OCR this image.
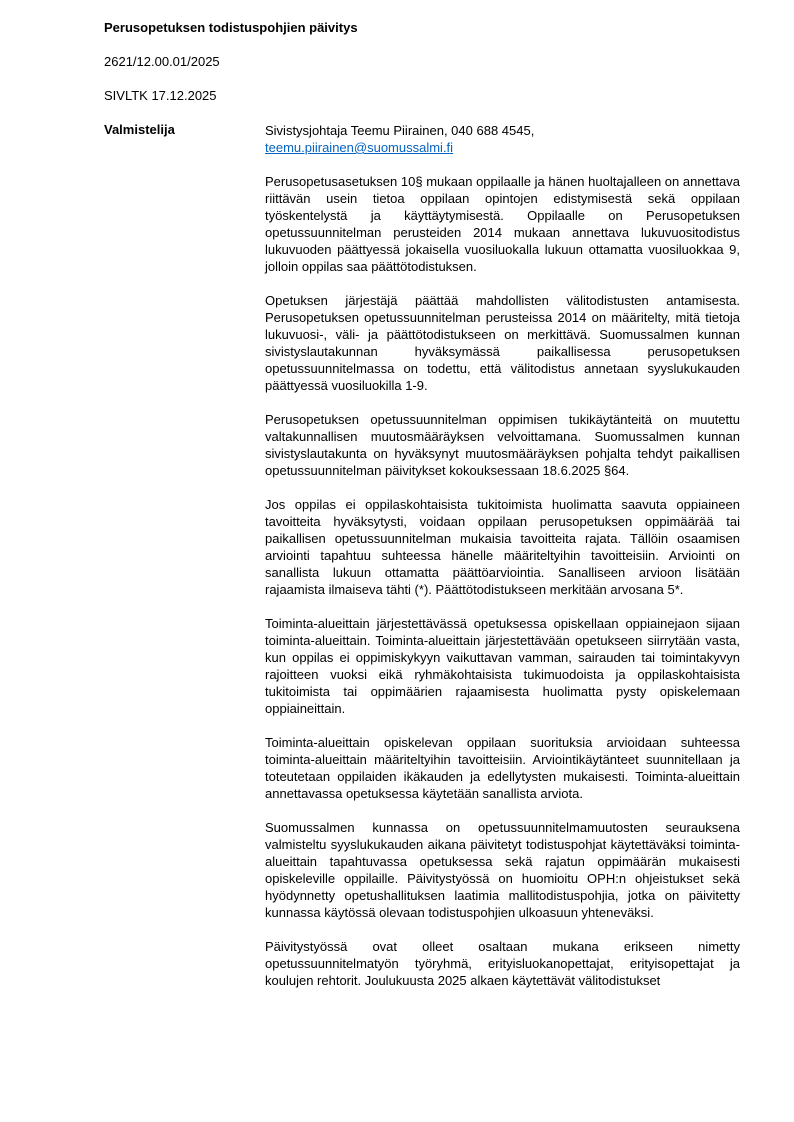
Perusopetuksen todistuspohjien päivitys
2621/12.00.01/2025
SIVLTK 17.12.2025
Valmistelija	Sivistysjohtaja Teemu Piirainen, 040 688 4545,
teemu.piirainen@suomussalmi.fi

Perusopetusasetuksen 10§ mukaan oppilaalle ja hänen huoltajalleen on annettava riittävän usein tietoa oppilaan opintojen edistymisestä sekä oppilaan työskentelystä ja käyttäytymisestä. Oppilaalle on Perusopetuksen opetussuunnitelman perusteiden 2014 mukaan annettava lukuvuositodistus lukuvuoden päättyessä jokaisella vuosiluokalla lukuun ottamatta vuosiluokkaa 9, jolloin oppilas saa päättötodistuksen.

Opetuksen järjestäjä päättää mahdollisten välitodistusten antamisesta. Perusopetuksen opetussuunnitelman perusteissa 2014 on määritelty, mitä tietoja lukuvuosi-, väli- ja päättötodistukseen on merkittävä. Suomussalmen kunnan sivistyslautakunnan hyväksymässä paikallisessa perusopetuksen opetussuunnitelmassa on todettu, että välitodistus annetaan syyslukukauden päättyessä vuosiluokilla 1-9.

Perusopetuksen opetussuunnitelman oppimisen tukikäytänteitä on muutettu valtakunnallisen muutosmääräyksen velvoittamana. Suomussalmen kunnan sivistyslautakunta on hyväksynyt muutosmääräyksen pohjalta tehdyt paikallisen opetussuunnitelman päivitykset kokouksessaan 18.6.2025 §64.

Jos oppilas ei oppilaskohtaisista tukitoimista huolimatta saavuta oppiaineen tavoitteita hyväksytysti, voidaan oppilaan perusopetuksen oppimäärää tai paikallisen opetussuunnitelman mukaisia tavoitteita rajata. Tällöin osaamisen arviointi tapahtuu suhteessa hänelle määriteltyihin tavoitteisiin. Arviointi on sanallista lukuun ottamatta päättöarviointia. Sanalliseen arvioon lisätään rajaamista ilmaiseva tähti (*). Päättötodistukseen merkitään arvosana 5*.

Toiminta-alueittain järjestettävässä opetuksessa opiskellaan oppiainejaon sijaan toiminta-alueittain. Toiminta-alueittain järjestettävään opetukseen siirrytään vasta, kun oppilas ei oppimiskykyyn vaikuttavan vamman, sairauden tai toimintakyvyn rajoitteen vuoksi eikä ryhmäkohtaisista tukimuodoista ja oppilaskohtaisista tukitoimista tai oppimäärien rajaamisesta huolimatta pysty opiskelemaan oppiaineittain.

Toiminta-alueittain opiskelevan oppilaan suorituksia arvioidaan suhteessa toiminta-alueittain määriteltyihin tavoitteisiin. Arviointikäytänteet suunnitellaan ja toteutetaan oppilaiden ikäkauden ja edellytysten mukaisesti. Toiminta-alueittain annettavassa opetuksessa käytetään sanallista arviota.

Suomussalmen kunnassa on opetussuunnitelmamuutosten seurauksena valmisteltu syyslukukauden aikana päivitetyt todistuspohjat käytettäväksi toiminta-alueittain tapahtuvassa opetuksessa sekä rajatun oppimäärän mukaisesti opiskeleville oppilaille. Päivitystyössä on huomioitu OPH:n ohjeistukset sekä hyödynnetty opetushallituksen laatimia mallitodistuspohjia, jotka on päivitetty kunnassa käytössä olevaan todistuspohjien ulkoasuun yhteneväksi.

Päivitystyössä ovat olleet osaltaan mukana erikseen nimetty opetussuunnitelmatyön työryhmä, erityisluokanopettajat, erityisopettajat ja koulujen rehtorit. Joulukuusta 2025 alkaen käytettävät välitodistukset
